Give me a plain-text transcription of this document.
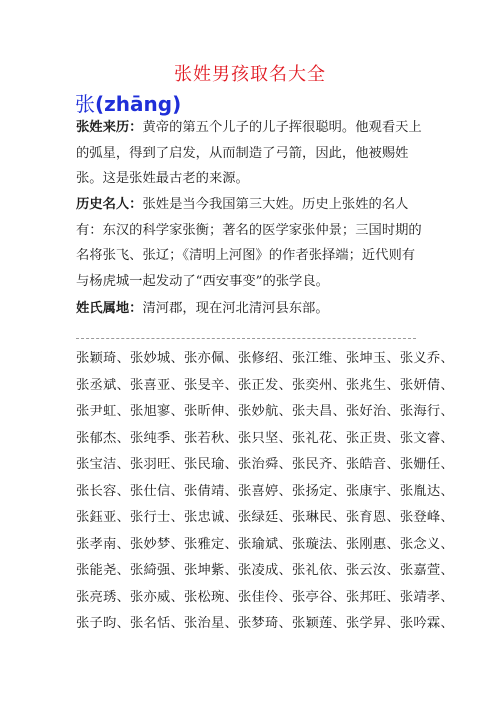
张姓男孩取名大全
张(zhāng)
张姓来历：黄帝的第五个儿子的儿子挥很聪明。他观看天上的弧星，得到了启发，从而制造了弓箭，因此，他被赐姓张。这是张姓最古老的来源。
历史名人：张姓是当今我国第三大姓。历史上张姓的名人有：东汉的科学家张衡；著名的医学家张仲景；三国时期的名将张飞、张辽；《清明上河图》的作者张择端；近代则有与杨虎城一起发动了“西安事变”的张学良。
姓氏属地：清河郡，现在河北清河县东部。
张颖琦、张妙城、张亦佩、张修绍、张江维、张坤玉、张义乔、
张丞斌、张喜亚、张旻辛、张正发、张奕州、张兆生、张妍倩、
张尹虹、张旭寥、张昕伸、张妙航、张夫昌、张好治、张海行、
张郁杰、张纯季、张若秋、张只坚、张礼花、张正贵、张文睿、
张宝洁、张羽旺、张民瑜、张治舜、张民齐、张皓音、张姗任、
张长容、张仕信、张倩靖、张喜婷、张扬定、张康宇、张胤达、
张鈺亚、张行士、张忠诚、张绿廷、张琳民、张育恩、张登峰、
张孝南、张妙梦、张雅定、张瑜斌、张璇法、张刚惠、张念义、
张能尧、张綺强、张坤紫、张凌成、张礼依、张云汝、张嘉萱、
张亮琇、张亦威、张松琬、张佳伶、张亭谷、张邦旺、张靖孝、
张子昀、张名恬、张治星、张梦琦、张颖莲、张学昇、张吟霖、
